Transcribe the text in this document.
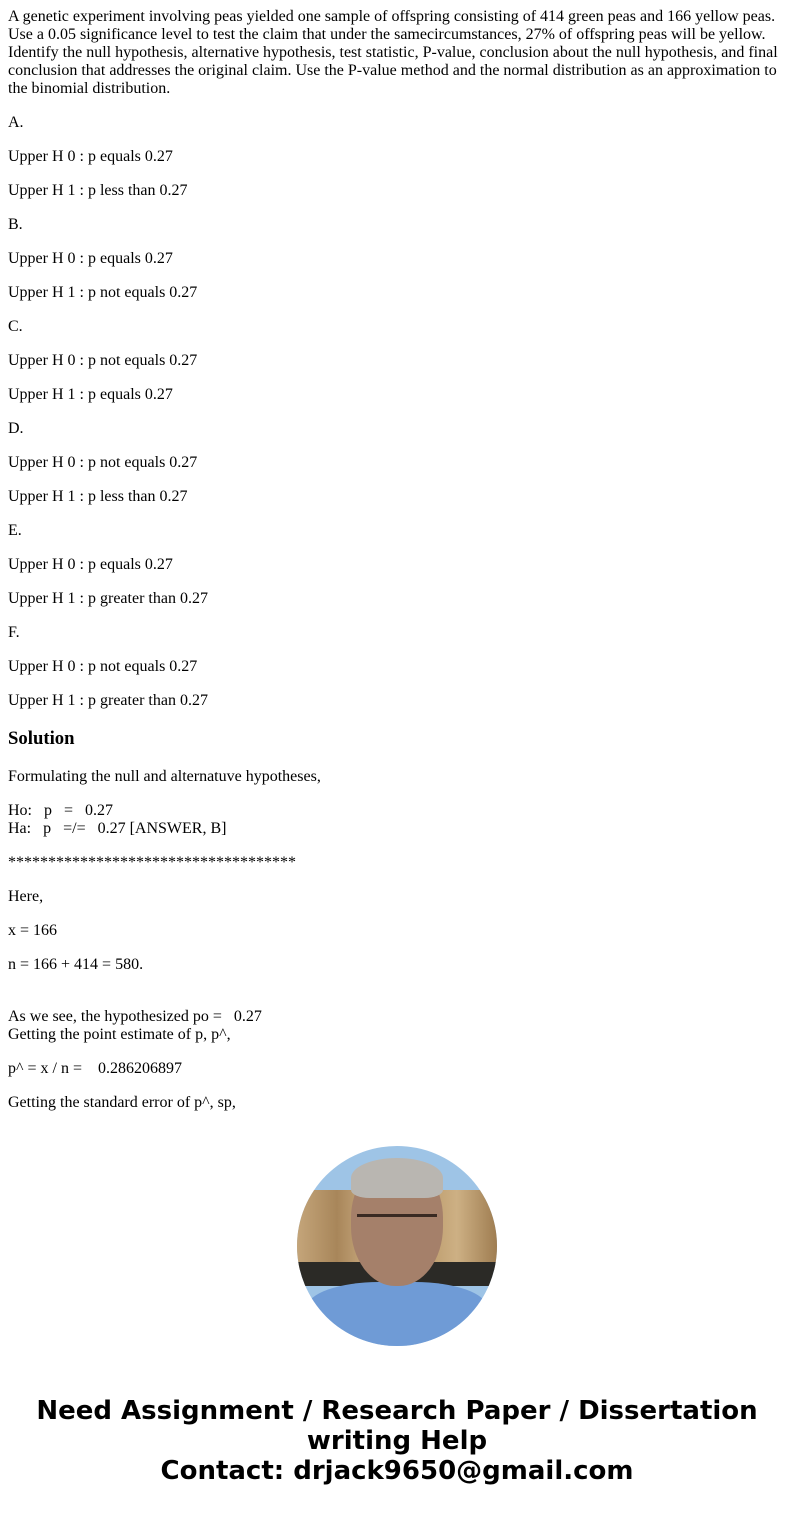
A genetic experiment involving peas yielded one sample of offspring consisting of 414 green peas and 166 yellow peas. Use a 0.05 significance level to test the claim that under the samecircumstances, 27% of offspring peas will be yellow. Identify the null hypothesis, alternative hypothesis, test statistic, P-value, conclusion about the null hypothesis, and final conclusion that addresses the original claim. Use the P-value method and the normal distribution as an approximation to the binomial distribution.

A.

Upper H 0 : p equals 0.27

Upper H 1 : p less than 0.27

B.

Upper H 0 : p equals 0.27

Upper H 1 : p not equals 0.27

C.

Upper H 0 : p not equals 0.27

Upper H 1 : p equals 0.27

D.

Upper H 0 : p not equals 0.27

Upper H 1 : p less than 0.27

E.

Upper H 0 : p equals 0.27

Upper H 1 : p greater than 0.27

F.

Upper H 0 : p not equals 0.27

Upper H 1 : p greater than 0.27

Solution

Formulating the null and alternatuve hypotheses,

Ho:   p   =   0.27
Ha:   p   =/=   0.27 [ANSWER, B]

************************************

Here,

x = 166

n = 166 + 414 = 580.

As we see, the hypothesized po =   0.27
Getting the point estimate of p, p^,

p^ = x / n =    0.286206897

Getting the standard error of p^, sp,

Need Assignment / Research Paper / Dissertation writing Help
Contact: drjack9650@gmail.com
